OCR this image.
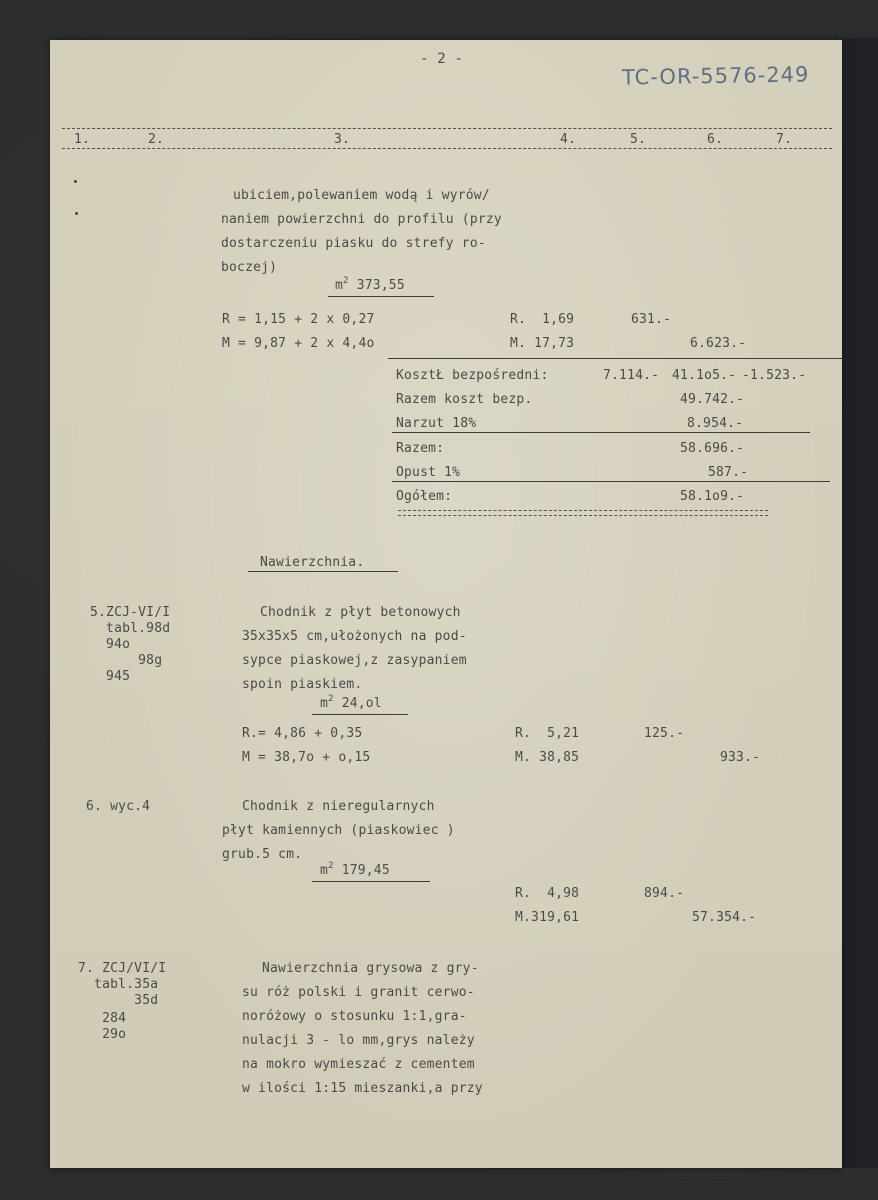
- 2 -
TC-OR-5576-249
1.	2.	3.	4.	5.	6.	7.
ubiciem,polewaniem wodą i wyrów/
naniem powierzchni do profilu (przy
dostarczeniu piasku do strefy ro-
boczej)
$m^2$ 373,55
R = 1,15 + 2 x 0,27	R.  1,69	631.-
M = 9,87 + 2 x 4,4o	M. 17,73	6.623.-
KosztŁ bezpośredni:	7.114.- 41.1o5.- -1.523.-
Razem koszt bezp.	49.742.-
Narzut 18%	8.954.-
Razem:	58.696.-
Opust 1%	587.-
Ogółem:	58.1o9.-
Nawierzchnia.
5.ZCJ-VI/I
tabl.98d
94o
98g
945
Chodnik z płyt betonowych
35x35x5 cm,ułożonych na pod-
sypce piaskowej,z zasypaniem
spoin piaskiem.
$m^2$ 24,ol
R.= 4,86 + 0,35	R.  5,21	125.-
M = 38,7o + o,15	M. 38,85	933.-
6. wyc.4	Chodnik z nieregularnych
płyt kamiennych (piaskowiec )
grub.5 cm.
$m^2$ 179,45
R.  4,98	894.-
M.319,61	57.354.-
7. ZCJ/VI/I
tabl.35a
35d
284
29o
Nawierzchnia grysowa z gry-
su róż polski i granit cerwo-
noróżowy o stosunku 1:1,gra-
nulacji 3 - lo mm,grys należy
na mokro wymieszać z cementem
w ilości 1:15 mieszanki,a przy
